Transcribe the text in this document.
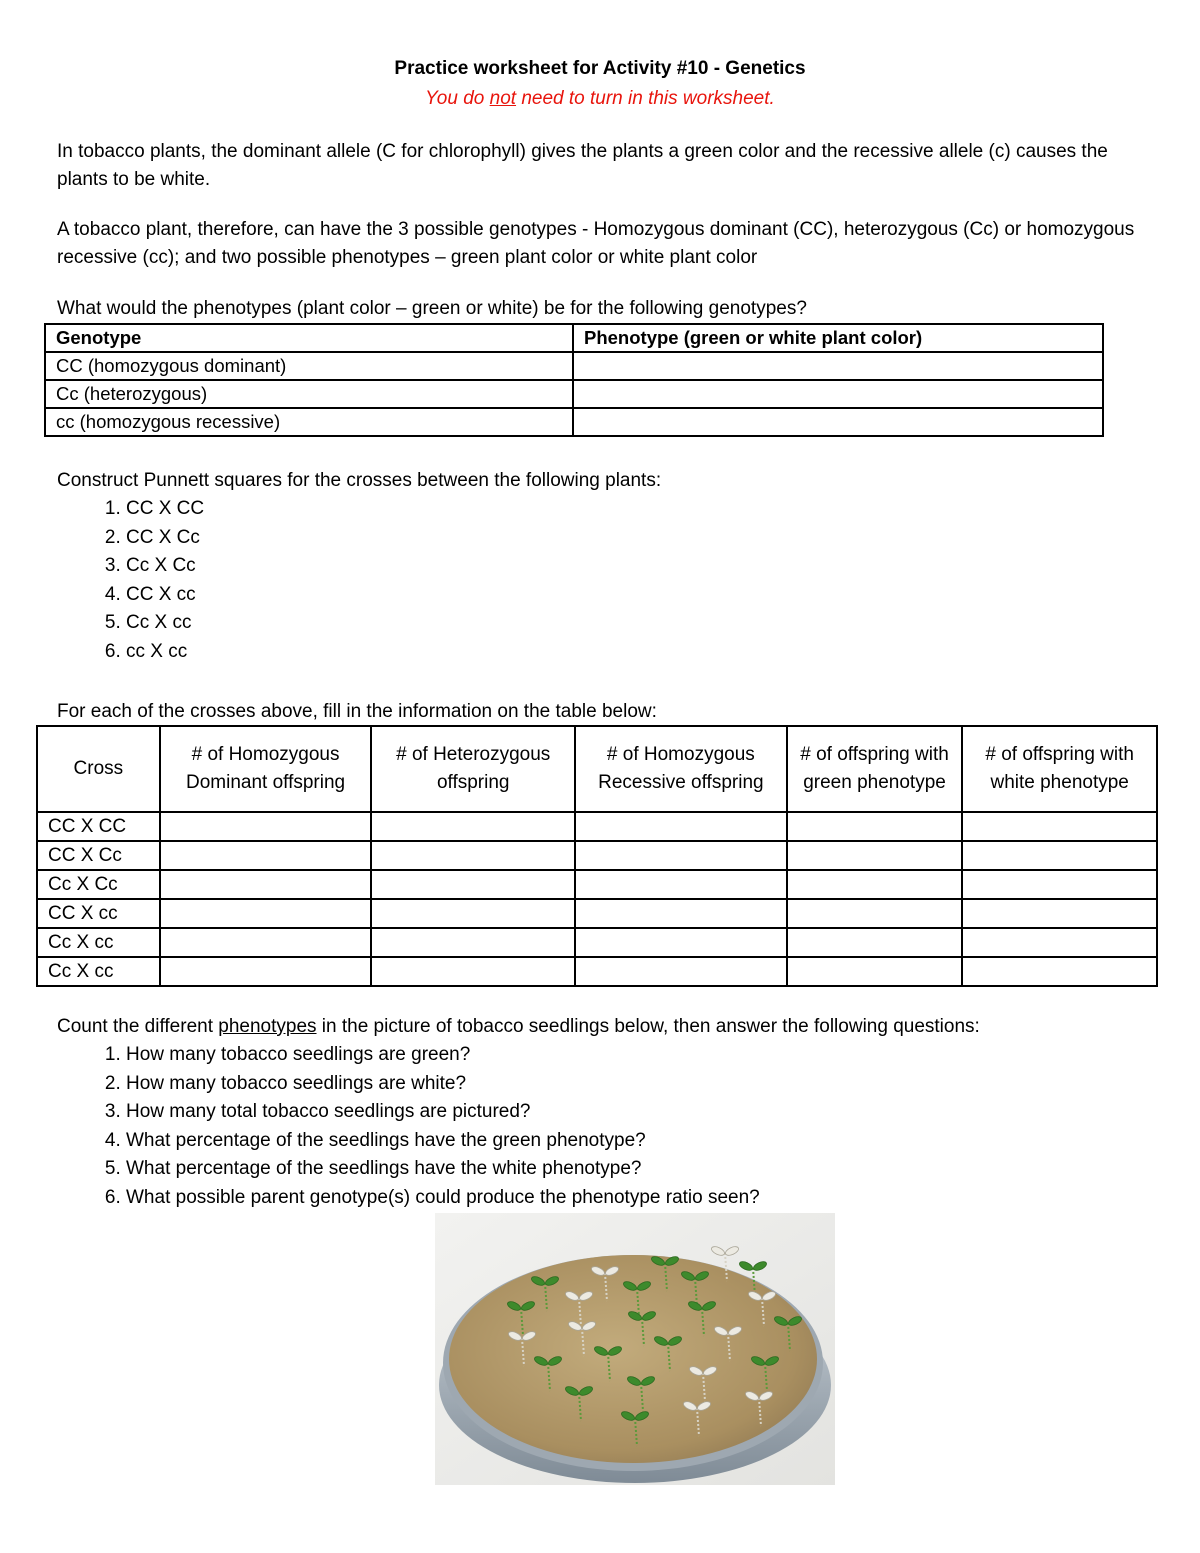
Practice worksheet for Activity #10 - Genetics
You do not need to turn in this worksheet.
In tobacco plants, the dominant allele (C for chlorophyll) gives the plants a green color and the recessive allele (c) causes the plants to be white.
A tobacco plant, therefore, can have the 3 possible genotypes - Homozygous dominant (CC), heterozygous (Cc) or homozygous recessive (cc); and two possible phenotypes – green plant color or white plant color
What would the phenotypes (plant color – green or white) be for the following genotypes?
Genotype	Phenotype (green or white plant color)
CC (homozygous dominant)	
Cc (heterozygous)	
cc (homozygous recessive)	
Construct Punnett squares for the crosses between the following plants:
1. CC X CC
2. CC X Cc
3. Cc X Cc
4. CC X cc
5. Cc X cc
6. cc X cc
For each of the crosses above, fill in the information on the table below:
Cross	# of Homozygous Dominant offspring	# of Heterozygous offspring	# of Homozygous Recessive offspring	# of offspring with green phenotype	# of offspring with white phenotype
CC X CC					
CC X Cc					
Cc X Cc					
CC X cc					
Cc X cc					
Cc X cc					
Count the different phenotypes in the picture of tobacco seedlings below, then answer the following questions:
1. How many tobacco seedlings are green?
2. How many tobacco seedlings are white?
3. How many total tobacco seedlings are pictured?
4. What percentage of the seedlings have the green phenotype?
5. What percentage of the seedlings have the white phenotype?
6. What possible parent genotype(s) could produce the phenotype ratio seen?
